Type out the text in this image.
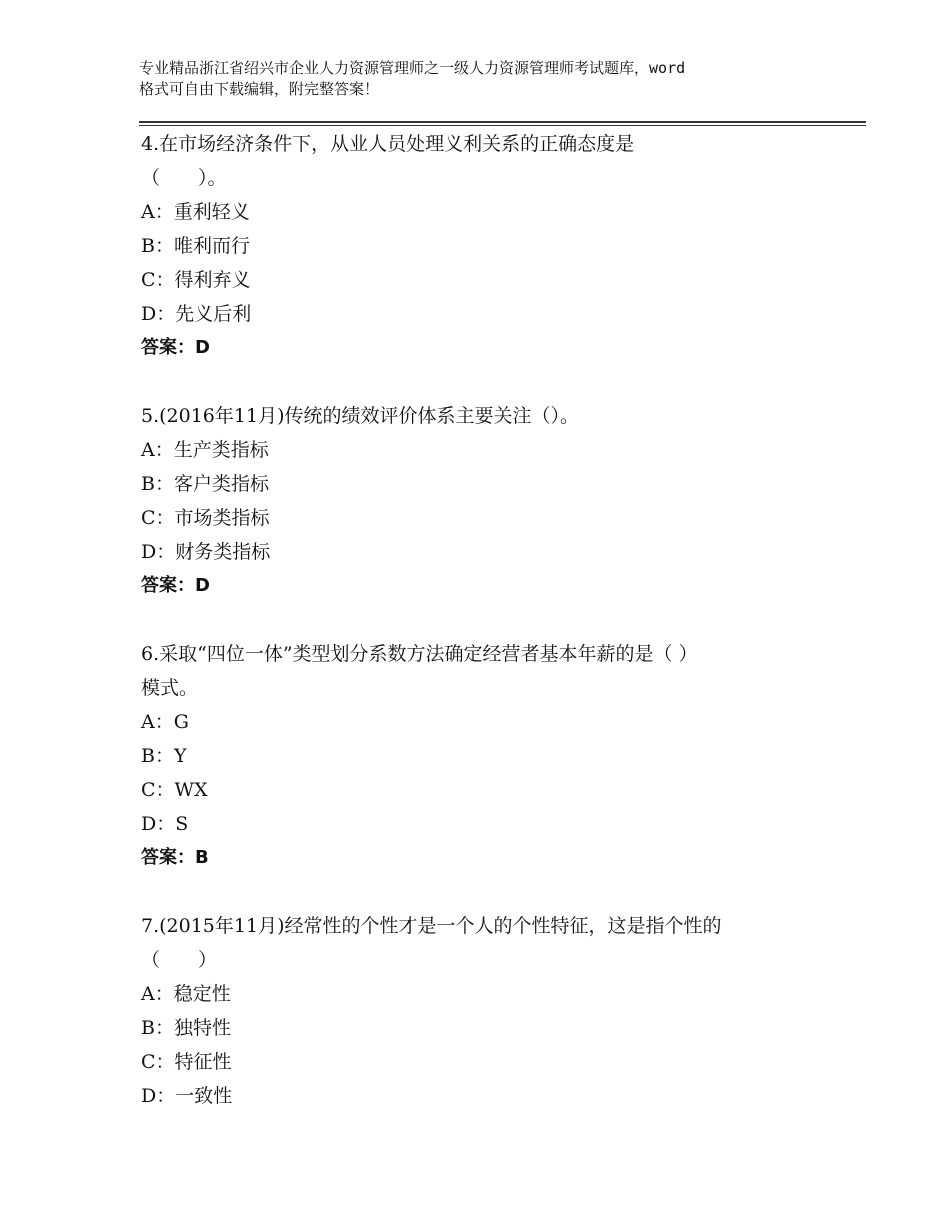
专业精品浙江省绍兴市企业人力资源管理师之一级人力资源管理师考试题库，word
格式可自由下载编辑，附完整答案！
4.在市场经济条件下，从业人员处理义利关系的正确态度是
（　　）。
A：重利轻义
B：唯利而行
C：得利弃义
D：先义后利
答案：D
5.(2016年11月)传统的绩效评价体系主要关注（）。
A：生产类指标
B：客户类指标
C：市场类指标
D：财务类指标
答案：D
6.采取“四位一体”类型划分系数方法确定经营者基本年薪的是（ ）
模式。
A：G
B：Y
C：WX
D：S
答案：B
7.(2015年11月)经常性的个性才是一个人的个性特征，这是指个性的
（　　）
A：稳定性
B：独特性
C：特征性
D：一致性
